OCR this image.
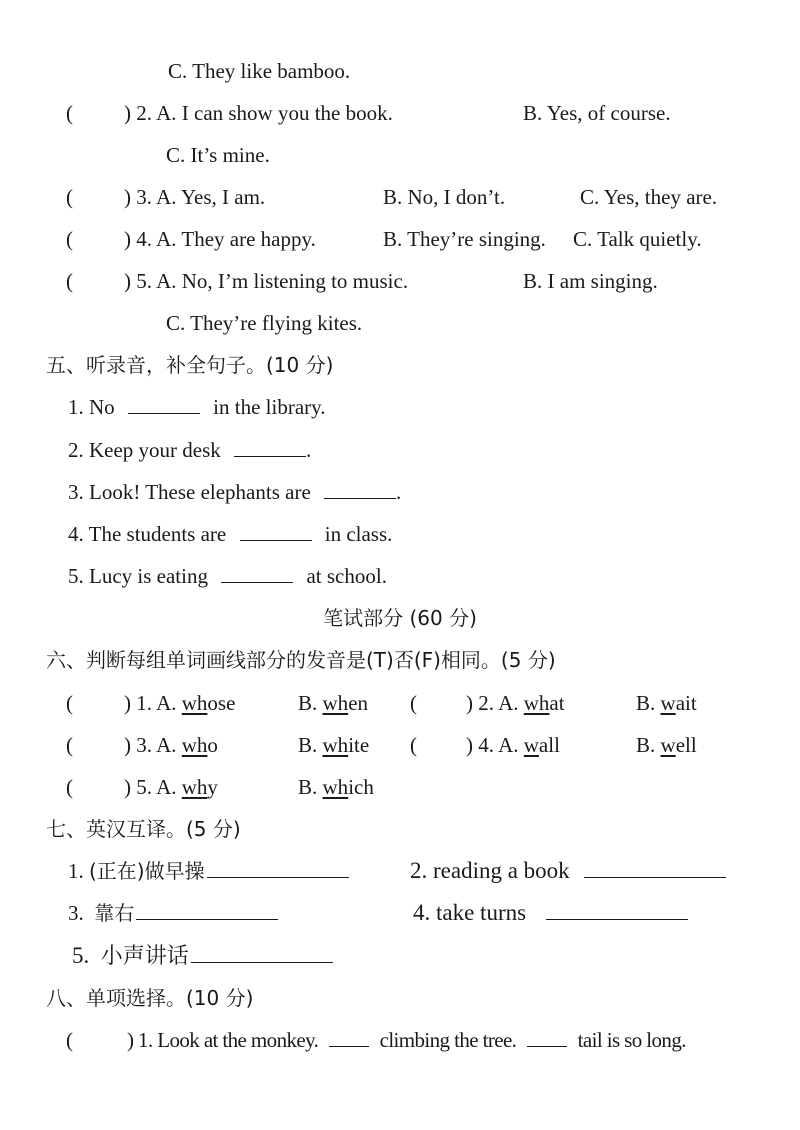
C. They like bamboo.
( ) 2. A. I can show you the book.	B. Yes, of course.
C. It’s mine.
( ) 3. A. Yes, I am.	B. No, I don’t.	C. Yes, they are.
( ) 4. A. They are happy.	B. They’re singing. C. Talk quietly.
( ) 5. A. No, I’m listening to music.	B. I am singing.
C. They’re flying kites.
五、听录音，补全句子。(10 分)
1. No	in the library.
2. Keep your desk	.
3. Look! These elephants are	.
4. The students are	in class.
5. Lucy is eating	at school.
笔试部分 (60 分)
六、判断每组单词画线部分的发音是(T)否(F)相同。(5 分)
( ) 1. A. whose	B. when ( ) 2. A. what	B. wait
( ) 3. A. who	B. white ( ) 4. A. wall	B. well
( ) 5. A. why	B. which
七、英汉互译。(5 分)
1. (正在)做早操	2. reading a book
3. 靠右	4. take turns
5. 小声讲话
八、单项选择。(10 分)
(	) 1. Look at the monkey.	climbing the tree.	tail is so long.
